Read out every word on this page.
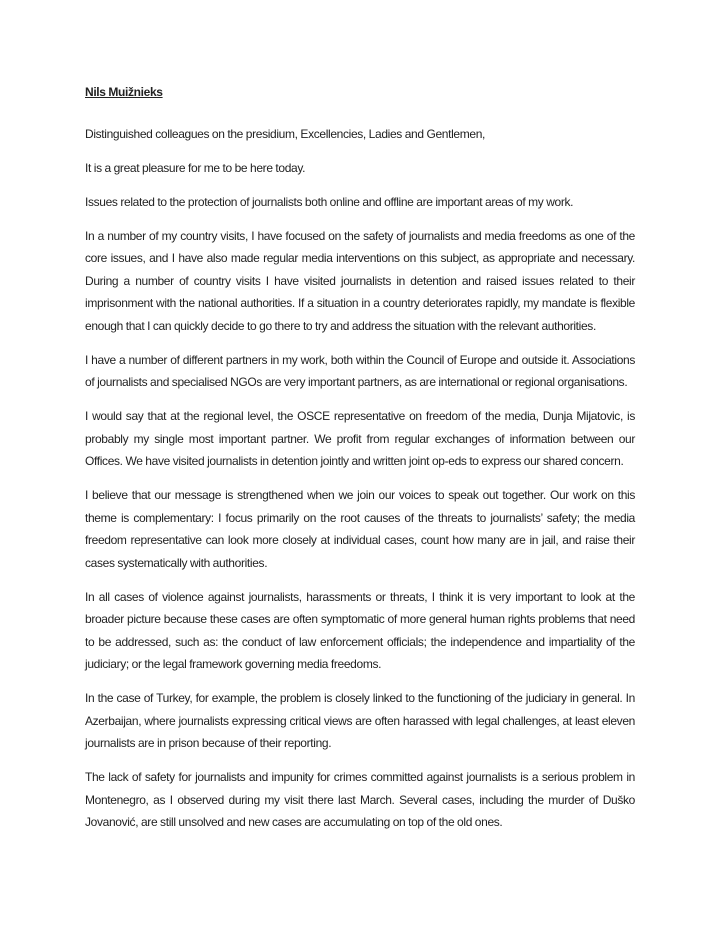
Nils Muižnieks

Distinguished colleagues on the presidium, Excellencies, Ladies and Gentlemen,

It is a great pleasure for me to be here today.

Issues related to the protection of journalists both online and offline are important areas of my work.

In a number of my country visits, I have focused on the safety of journalists and media freedoms as one of the core issues, and I have also made regular media interventions on this subject, as appropriate and necessary. During a number of country visits I have visited journalists in detention and raised issues related to their imprisonment with the national authorities. If a situation in a country deteriorates rapidly, my mandate is flexible enough that I can quickly decide to go there to try and address the situation with the relevant authorities.

I have a number of different partners in my work, both within the Council of Europe and outside it. Associations of journalists and specialised NGOs are very important partners, as are international or regional organisations.

I would say that at the regional level, the OSCE representative on freedom of the media, Dunja Mijatovic, is probably my single most important partner. We profit from regular exchanges of information between our Offices. We have visited journalists in detention jointly and written joint op-eds to express our shared concern.

I believe that our message is strengthened when we join our voices to speak out together. Our work on this theme is complementary: I focus primarily on the root causes of the threats to journalists’ safety; the media freedom representative can look more closely at individual cases, count how many are in jail, and raise their cases systematically with authorities.

In all cases of violence against journalists, harassments or threats, I think it is very important to look at the broader picture because these cases are often symptomatic of more general human rights problems that need to be addressed, such as: the conduct of law enforcement officials; the independence and impartiality of the judiciary; or the legal framework governing media freedoms.

In the case of Turkey, for example, the problem is closely linked to the functioning of the judiciary in general. In Azerbaijan, where journalists expressing critical views are often harassed with legal challenges, at least eleven journalists are in prison because of their reporting.

The lack of safety for journalists and impunity for crimes committed against journalists is a serious problem in Montenegro, as I observed during my visit there last March. Several cases, including the murder of Duško Jovanović, are still unsolved and new cases are accumulating on top of the old ones.
